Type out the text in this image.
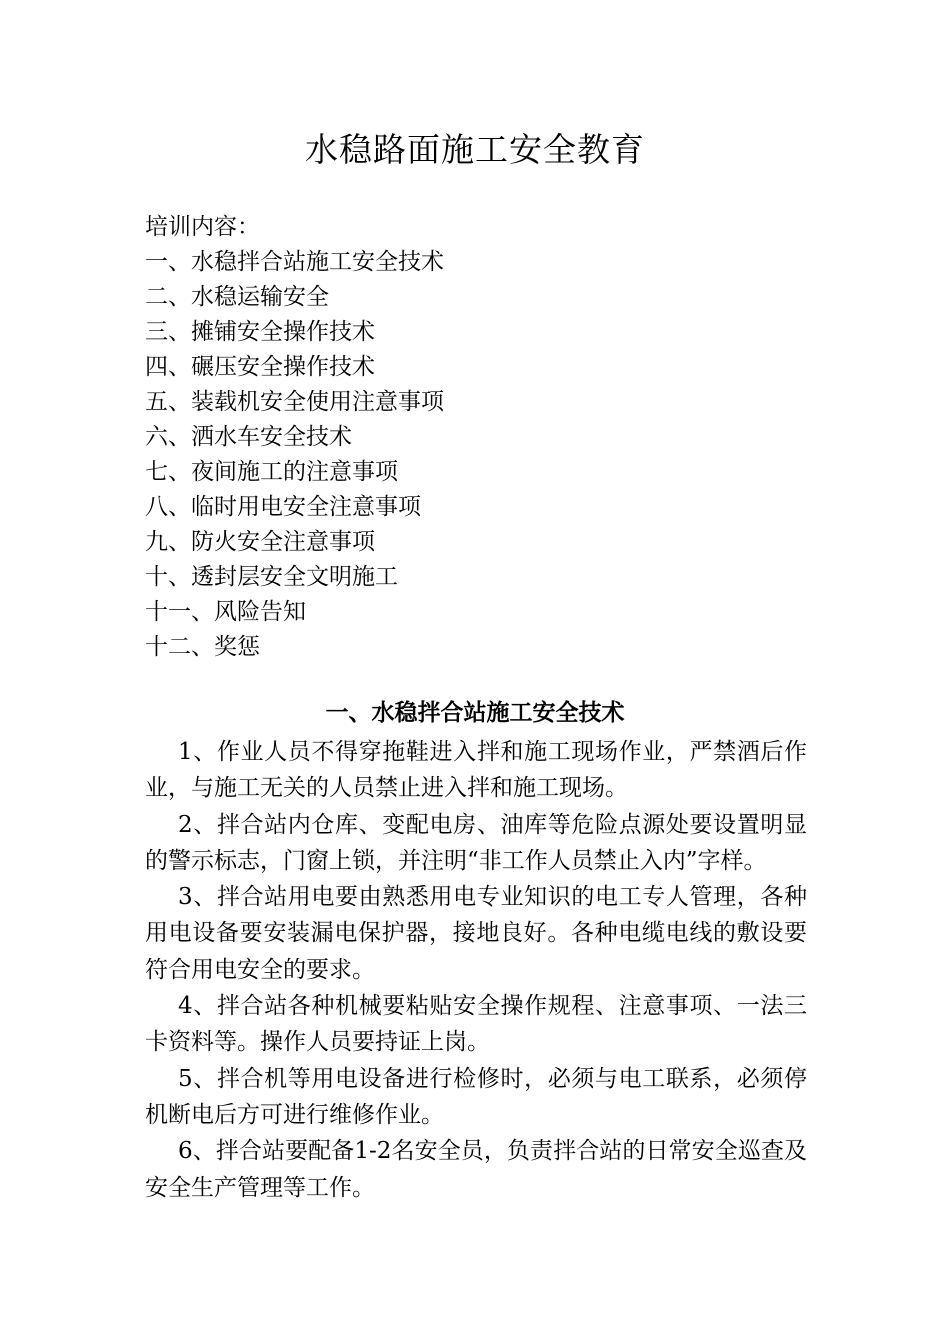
水稳路面施工安全教育
培训内容：
一、水稳拌合站施工安全技术
二、水稳运输安全
三、摊铺安全操作技术
四、碾压安全操作技术
五、装载机安全使用注意事项
六、洒水车安全技术
七、夜间施工的注意事项
八、临时用电安全注意事项
九、防火安全注意事项
十、透封层安全文明施工
十一、风险告知
十二、奖惩
一、水稳拌合站施工安全技术

1、作业人员不得穿拖鞋进入拌和施工现场作业，严禁酒后作业，与施工无关的人员禁止进入拌和施工现场。

2、拌合站内仓库、变配电房、油库等危险点源处要设置明显的警示标志，门窗上锁，并注明“非工作人员禁止入内”字样。

3、拌合站用电要由熟悉用电专业知识的电工专人管理，各种用电设备要安装漏电保护器，接地良好。各种电缆电线的敷设要符合用电安全的要求。

4、拌合站各种机械要粘贴安全操作规程、注意事项、一法三卡资料等。操作人员要持证上岗。

5、拌合机等用电设备进行检修时，必须与电工联系，必须停机断电后方可进行维修作业。

6、拌合站要配备1-2名安全员，负责拌合站的日常安全巡查及安全生产管理等工作。
